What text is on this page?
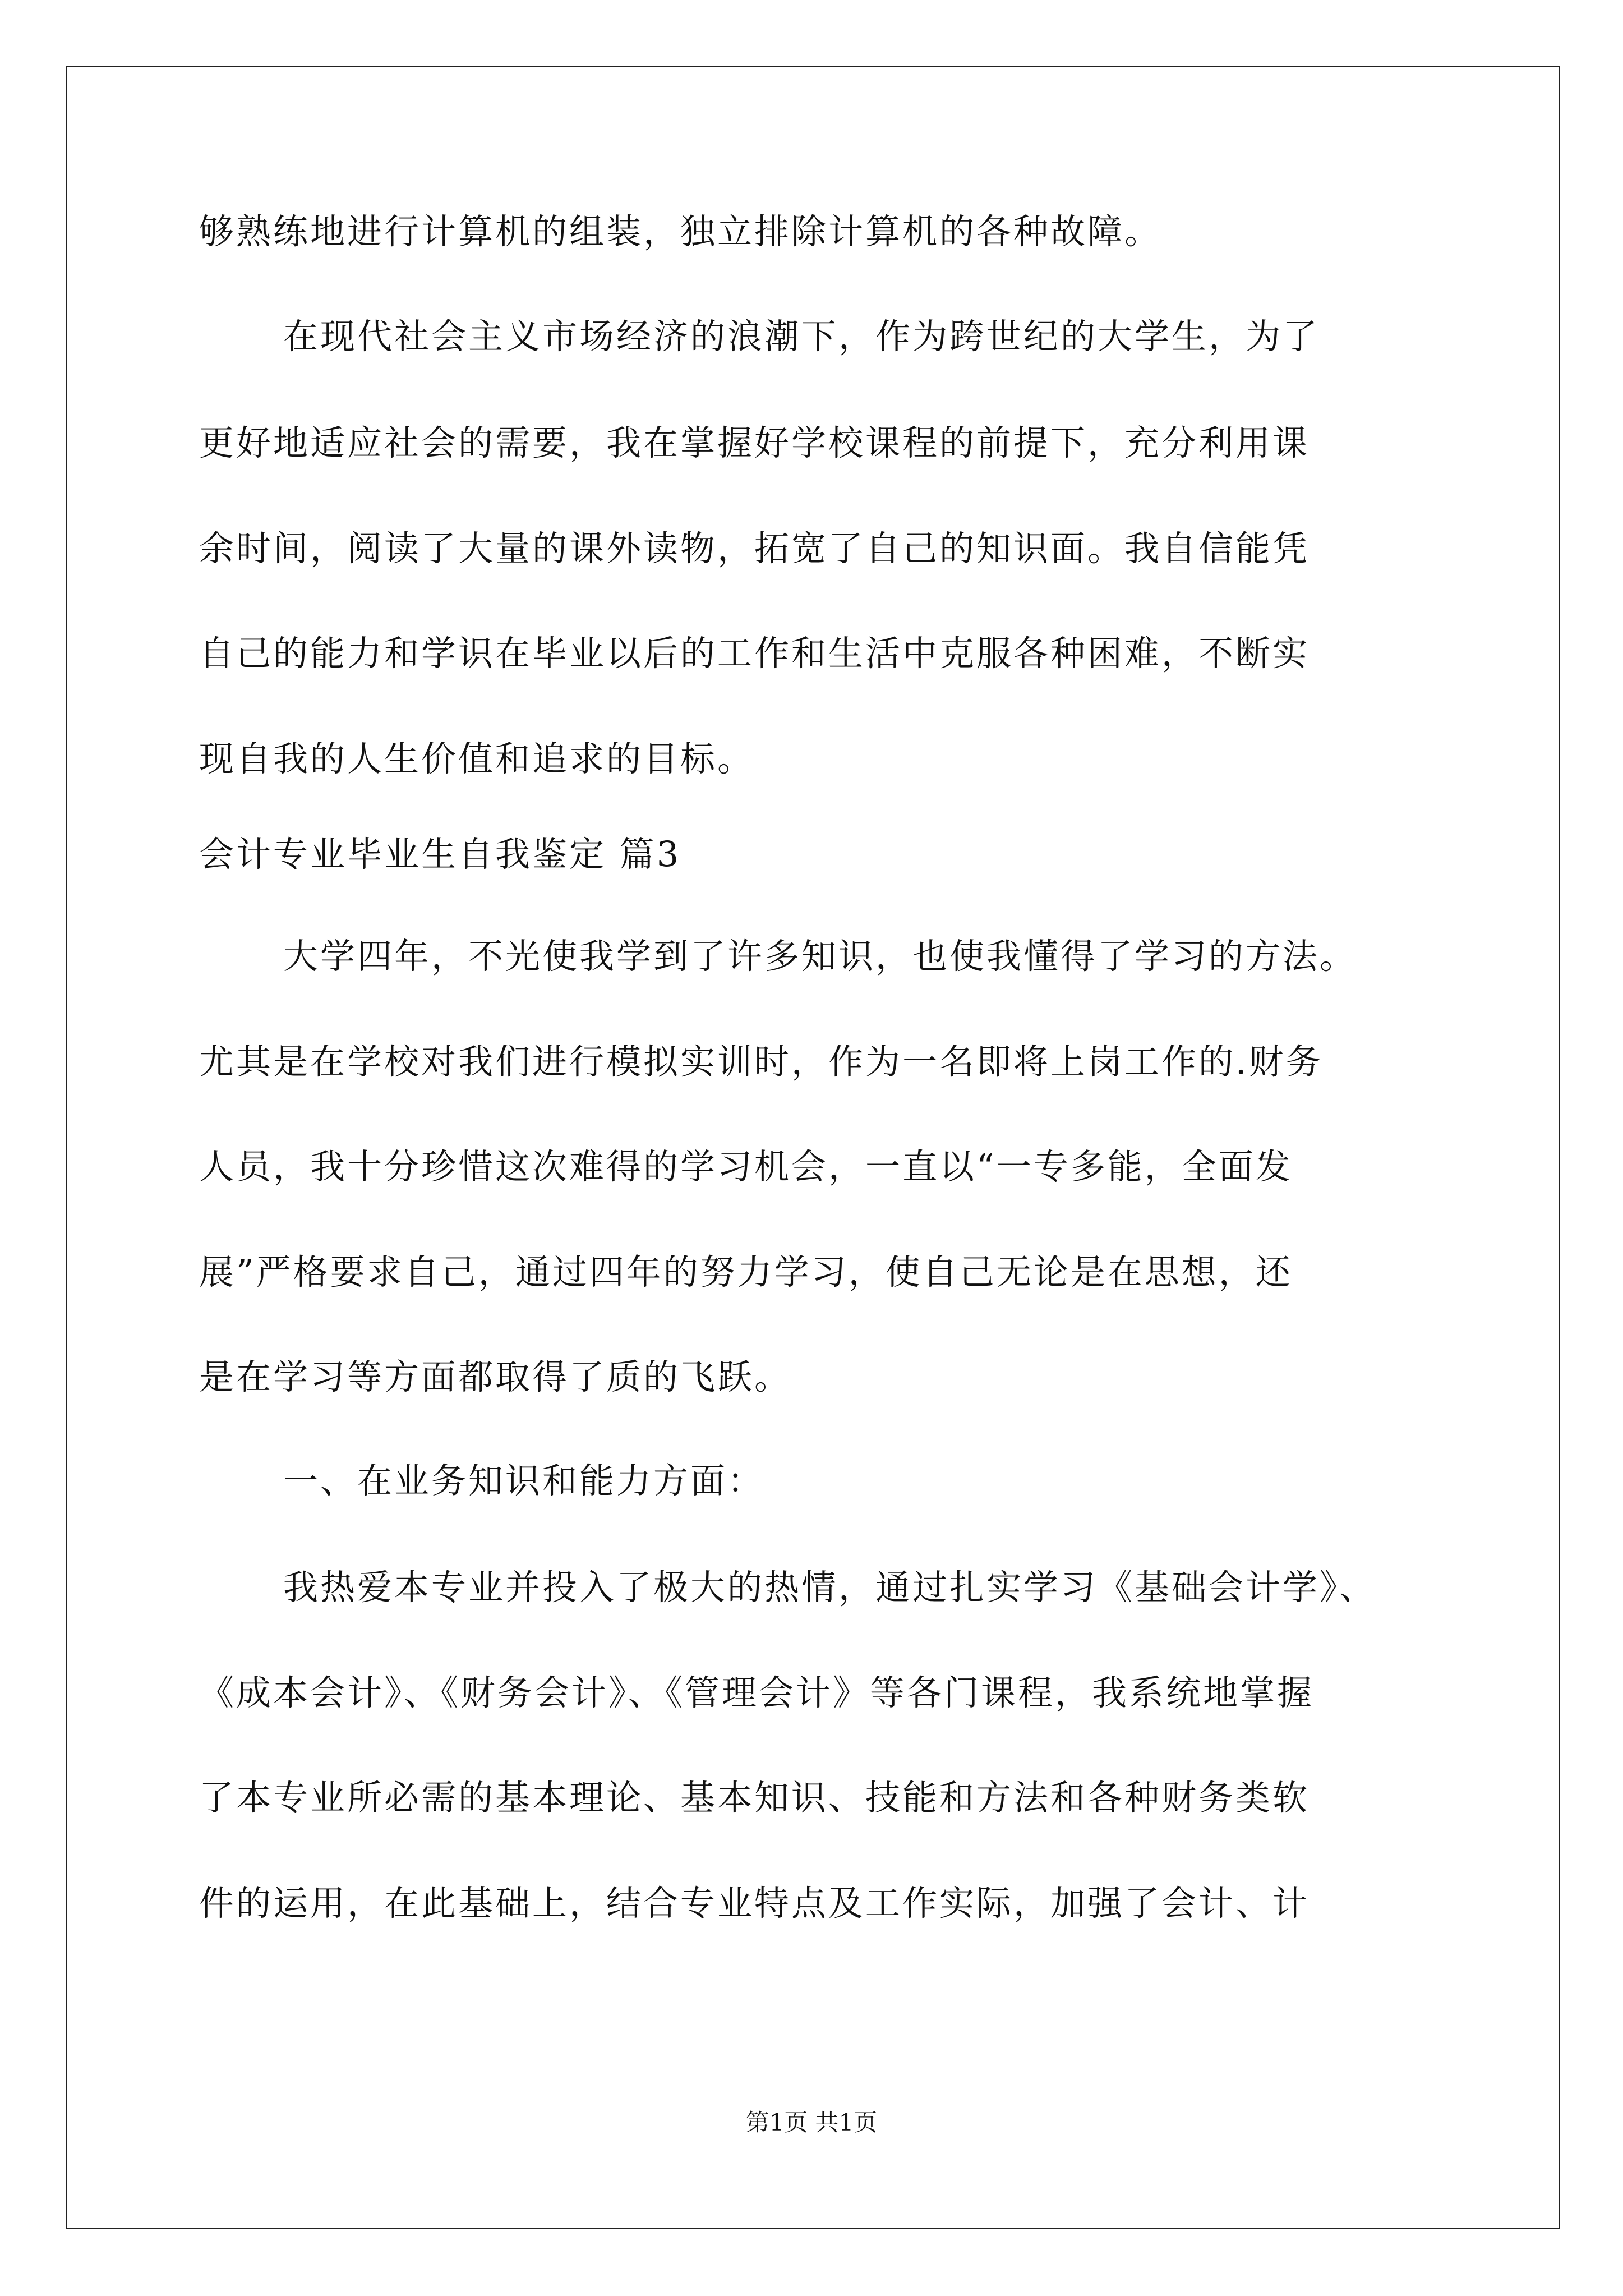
够熟练地进行计算机的组装，独立排除计算机的各种故障。
在现代社会主义市场经济的浪潮下，作为跨世纪的大学生，为了
更好地适应社会的需要，我在掌握好学校课程的前提下，充分利用课
余时间，阅读了大量的课外读物，拓宽了自己的知识面。我自信能凭
自己的能力和学识在毕业以后的工作和生活中克服各种困难，不断实
现自我的人生价值和追求的目标。
会计专业毕业生自我鉴定 篇3
大学四年，不光使我学到了许多知识，也使我懂得了学习的方法。
尤其是在学校对我们进行模拟实训时，作为一名即将上岗工作的.财务
人员，我十分珍惜这次难得的学习机会，一直以“一专多能，全面发
展”严格要求自己，通过四年的努力学习，使自己无论是在思想，还
是在学习等方面都取得了质的飞跃。
一、在业务知识和能力方面：
我热爱本专业并投入了极大的热情，通过扎实学习《基础会计学》、
《成本会计》、《财务会计》、《管理会计》等各门课程，我系统地掌握
了本专业所必需的基本理论、基本知识、技能和方法和各种财务类软
件的运用，在此基础上，结合专业特点及工作实际，加强了会计、计
第1页 共1页
